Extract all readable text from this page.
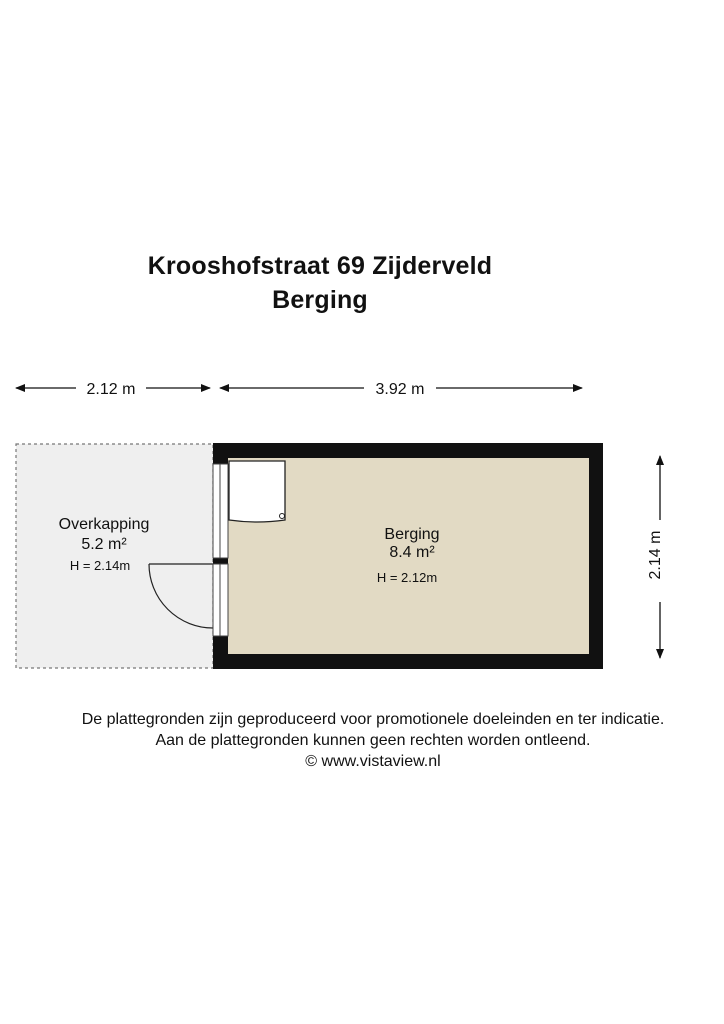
Krooshofstraat 69 Zijderveld
Berging
2.12 m	3.92 m
2.14 m
Overkapping
5.2 m²
H = 2.14m
Berging
8.4 m²
H = 2.12m
De plattegronden zijn geproduceerd voor promotionele doeleinden en ter indicatie.
Aan de plattegronden kunnen geen rechten worden ontleend.
© www.vistaview.nl
